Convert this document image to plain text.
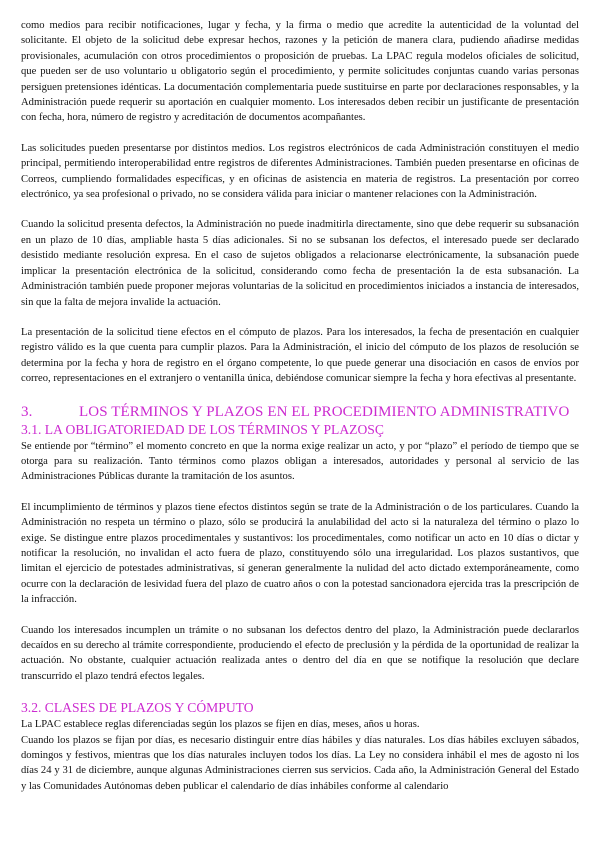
como medios para recibir notificaciones, lugar y fecha, y la firma o medio que acredite la autenticidad de la voluntad del solicitante. El objeto de la solicitud debe expresar hechos, razones y la petición de manera clara, pudiendo añadirse medidas provisionales, acumulación con otros procedimientos o proposición de pruebas. La LPAC regula modelos oficiales de solicitud, que pueden ser de uso voluntario u obligatorio según el procedimiento, y permite solicitudes conjuntas cuando varias personas persiguen pretensiones idénticas. La documentación complementaria puede sustituirse en parte por declaraciones responsables, y la Administración puede requerir su aportación en cualquier momento. Los interesados deben recibir un justificante de presentación con fecha, hora, número de registro y acreditación de documentos acompañantes.

Las solicitudes pueden presentarse por distintos medios. Los registros electrónicos de cada Administración constituyen el medio principal, permitiendo interoperabilidad entre registros de diferentes Administraciones. También pueden presentarse en oficinas de Correos, cumpliendo formalidades específicas, y en oficinas de asistencia en materia de registros. La presentación por correo electrónico, ya sea profesional o privado, no se considera válida para iniciar o mantener relaciones con la Administración.

Cuando la solicitud presenta defectos, la Administración no puede inadmitirla directamente, sino que debe requerir su subsanación en un plazo de 10 días, ampliable hasta 5 días adicionales. Si no se subsanan los defectos, el interesado puede ser declarado desistido mediante resolución expresa. En el caso de sujetos obligados a relacionarse electrónicamente, la subsanación puede implicar la presentación electrónica de la solicitud, considerando como fecha de presentación la de esta subsanación. La Administración también puede proponer mejoras voluntarias de la solicitud en procedimientos iniciados a instancia de interesados, sin que la falta de mejora invalide la actuación.

La presentación de la solicitud tiene efectos en el cómputo de plazos. Para los interesados, la fecha de presentación en cualquier registro válido es la que cuenta para cumplir plazos. Para la Administración, el inicio del cómputo de los plazos de resolución se determina por la fecha y hora de registro en el órgano competente, lo que puede generar una disociación en casos de envíos por correo, representaciones en el extranjero o ventanilla única, debiéndose comunicar siempre la fecha y hora efectivas al presentante.

3.	LOS TÉRMINOS Y PLAZOS EN EL PROCEDIMIENTO ADMINISTRATIVO
3.1. LA OBLIGATORIEDAD DE LOS TÉRMINOS Y PLAZOSÇ

Se entiende por “término” el momento concreto en que la norma exige realizar un acto, y por “plazo” el período de tiempo que se otorga para su realización. Tanto términos como plazos obligan a interesados, autoridades y personal al servicio de las Administraciones Públicas durante la tramitación de los asuntos.

El incumplimiento de términos y plazos tiene efectos distintos según se trate de la Administración o de los particulares. Cuando la Administración no respeta un término o plazo, sólo se producirá la anulabilidad del acto si la naturaleza del término o plazo lo exige. Se distingue entre plazos procedimentales y sustantivos: los procedimentales, como notificar un acto en 10 días o dictar y notificar la resolución, no invalidan el acto fuera de plazo, constituyendo sólo una irregularidad. Los plazos sustantivos, que limitan el ejercicio de potestades administrativas, sí generan generalmente la nulidad del acto dictado extemporáneamente, como ocurre con la declaración de lesividad fuera del plazo de cuatro años o con la potestad sancionadora ejercida tras la prescripción de la infracción.

Cuando los interesados incumplen un trámite o no subsanan los defectos dentro del plazo, la Administración puede declararlos decaídos en su derecho al trámite correspondiente, produciendo el efecto de preclusión y la pérdida de la oportunidad de realizar la actuación. No obstante, cualquier actuación realizada antes o dentro del día en que se notifique la resolución que declare transcurrido el plazo tendrá efectos legales.

3.2. CLASES DE PLAZOS Y CÓMPUTO

La LPAC establece reglas diferenciadas según los plazos se fijen en días, meses, años u horas.

Cuando los plazos se fijan por días, es necesario distinguir entre días hábiles y días naturales. Los días hábiles excluyen sábados, domingos y festivos, mientras que los días naturales incluyen todos los días. La Ley no considera inhábil el mes de agosto ni los días 24 y 31 de diciembre, aunque algunas Administraciones cierren sus servicios. Cada año, la Administración General del Estado y las Comunidades Autónomas deben publicar el calendario de días inhábiles conforme al calendario
